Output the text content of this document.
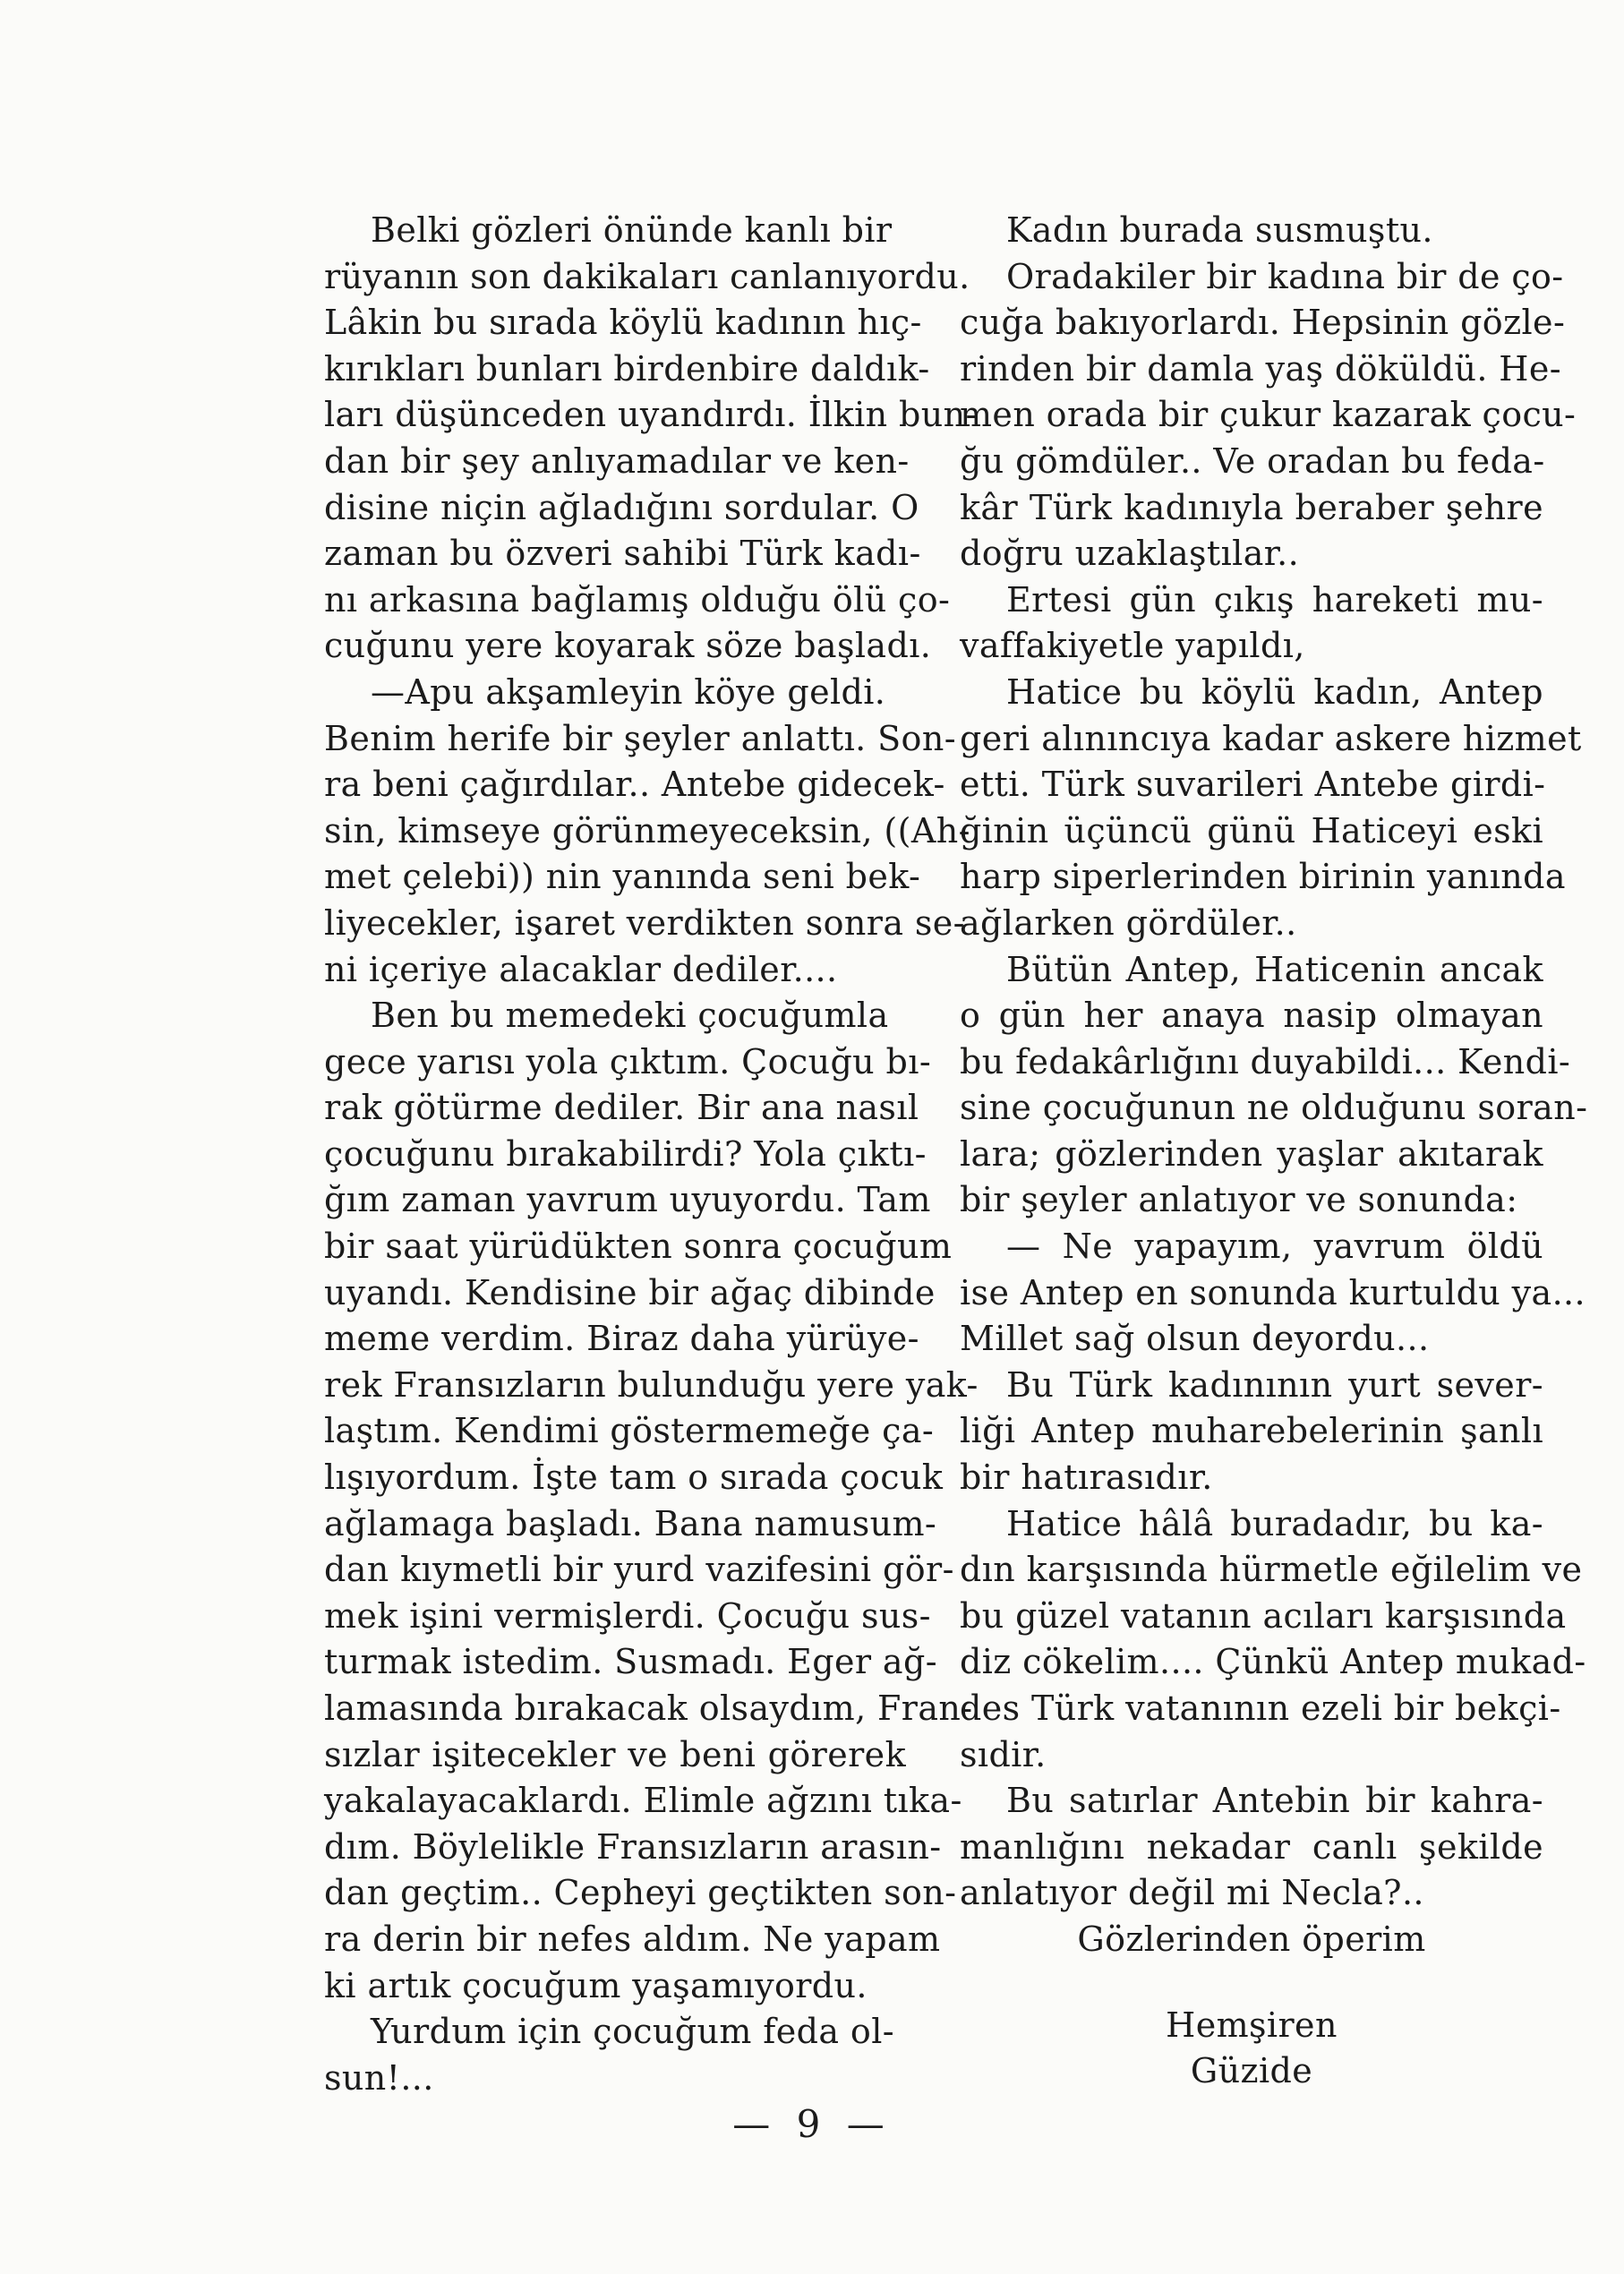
Belki gözleri önünde kanlı bir
rüyanın son dakikaları canlanıyordu.
Lâkin bu sırada köylü kadının hıç-
kırıkları bunları birdenbire daldık-
ları düşünceden uyandırdı. İlkin bun-
dan bir şey anlıyamadılar ve ken-
disine niçin ağladığını sordular. O
zaman bu özveri sahibi Türk kadı-
nı arkasına bağlamış olduğu ölü ço-
cuğunu yere koyarak söze başladı.
—Apu akşamleyin köye geldi.
Benim herife bir şeyler anlattı. Son-
ra beni çağırdılar.. Antebe gidecek-
sin, kimseye görünmeyeceksin, ((Ah-
met çelebi)) nin yanında seni bek-
liyecekler, işaret verdikten sonra se-
ni içeriye alacaklar dediler....
Ben bu memedeki çocuğumla
gece yarısı yola çıktım. Çocuğu bı-
rak götürme dediler. Bir ana nasıl
çocuğunu bırakabilirdi? Yola çıktı-
ğım zaman yavrum uyuyordu. Tam
bir saat yürüdükten sonra çocuğum
uyandı. Kendisine bir ağaç dibinde
meme verdim. Biraz daha yürüye-
rek Fransızların bulunduğu yere yak-
laştım. Kendimi göstermemeğe ça-
lışıyordum. İşte tam o sırada çocuk
ağlamaga başladı. Bana namusum-
dan kıymetli bir yurd vazifesini gör-
mek işini vermişlerdi. Çocuğu sus-
turmak istedim. Susmadı. Eger ağ-
lamasında bırakacak olsaydım, Fran-
sızlar işitecekler ve beni görerek
yakalayacaklardı. Elimle ağzını tıka-
dım. Böylelikle Fransızların arasın-
dan geçtim.. Cepheyi geçtikten son-
ra derin bir nefes aldım. Ne yapam
ki artık çocuğum yaşamıyordu.
Yurdum için çocuğum feda ol-
sun!...
Kadın burada susmuştu.
Oradakiler bir kadına bir de ço-
cuğa bakıyorlardı. Hepsinin gözle-
rinden bir damla yaş döküldü. He-
men orada bir çukur kazarak çocu-
ğu gömdüler.. Ve oradan bu feda-
kâr Türk kadınıyla beraber şehre
doğru uzaklaştılar..
Ertesi gün çıkış hareketi mu-
vaffakiyetle yapıldı,
Hatice bu köylü kadın, Antep
geri alınıncıya kadar askere hizmet
etti. Türk suvarileri Antebe girdi-
ğinin üçüncü günü Haticeyi eski
harp siperlerinden birinin yanında
ağlarken gördüler..
Bütün Antep, Haticenin ancak
o gün her anaya nasip olmayan
bu fedakârlığını duyabildi... Kendi-
sine çocuğunun ne olduğunu soran-
lara; gözlerinden yaşlar akıtarak
bir şeyler anlatıyor ve sonunda:
— Ne yapayım, yavrum öldü
ise Antep en sonunda kurtuldu ya...
Millet sağ olsun deyordu...
Bu Türk kadınının yurt sever-
liği Antep muharebelerinin şanlı
bir hatırasıdır.
Hatice hâlâ buradadır, bu ka-
dın karşısında hürmetle eğilelim ve
bu güzel vatanın acıları karşısında
diz cökelim.... Çünkü Antep mukad-
des Türk vatanının ezeli bir bekçi-
sıdir.
Bu satırlar Antebin bir kahra-
manlığını nekadar canlı şekilde
anlatıyor değil mi Necla?..
Gözlerinden öperim
Hemşiren
Güzide
— 9 —
